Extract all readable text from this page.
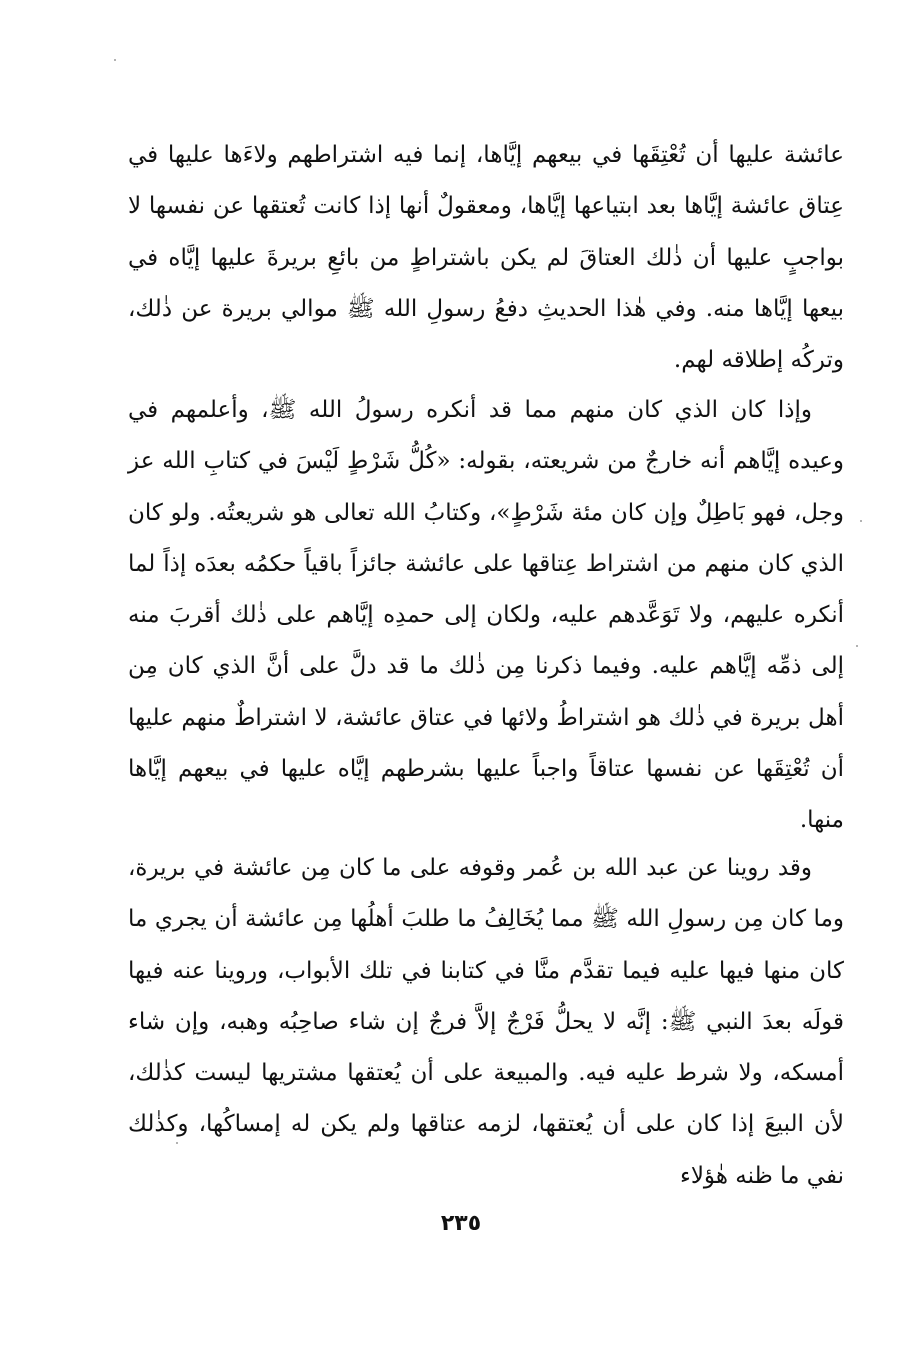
عائشة عليها أن تُعْتِقَها في بيعهم إيَّاها، إنما فيه اشتراطهم ولاءَها عليها في عِتاق عائشة إيَّاها بعد ابتياعها إيَّاها، ومعقولٌ أنها إذا كانت تُعتقها عن نفسها لا بواجبٍ عليها أن ذٰلك العتاقَ لم يكن باشتراطٍ من بائعِ بريرةَ عليها إيَّاه في بيعها إيَّاها منه. وفي هٰذا الحديثِ دفعُ رسولِ الله ﷺ موالي بريرة عن ذٰلك، وتركُه إطلاقه لهم.

وإذا كان الذي كان منهم مما قد أنكره رسولُ الله ﷺ، وأعلمهم في وعيده إيَّاهم أنه خارجٌ من شريعته، بقوله: «كُلُّ شَرْطٍ لَيْسَ في كتابِ الله عز وجل، فهو بَاطِلٌ وإن كان مئة شَرْطٍ»، وكتابُ الله تعالى هو شريعتُه. ولو كان الذي كان منهم من اشتراط عِتاقها على عائشة جائزاً باقياً حكمُه بعدَه إذاً لما أنكره عليهم، ولا تَوَعَّدهم عليه، ولكان إلى حمدِه إيَّاهم على ذٰلك أقربَ منه إلى ذمِّه إيَّاهم عليه. وفيما ذكرنا مِن ذٰلك ما قد دلَّ على أنَّ الذي كان مِن أهل بريرة في ذٰلك هو اشتراطُ ولائها في عتاق عائشة، لا اشتراطٌ منهم عليها أن تُعْتِقَها عن نفسها عتاقاً واجباً عليها بشرطهم إيَّاه عليها في بيعهم إيَّاها منها.

وقد روينا عن عبد الله بن عُمر وقوفه على ما كان مِن عائشة في بريرة، وما كان مِن رسولِ الله ﷺ مما يُخَالِفُ ما طلبَ أهلُها مِن عائشة أن يجري ما كان منها فيها عليه فيما تقدَّم منَّا في كتابنا في تلك الأبواب، وروينا عنه فيها قولَه بعدَ النبي ﷺ: إنَّه لا يحلُّ فَرْجٌ إلاَّ فرجٌ إن شاء صاحِبُه وهبه، وإن شاء أمسكه، ولا شرط عليه فيه. والمبيعة على أن يُعتقها مشتريها ليست كذٰلك، لأن البيعَ إذا كان على أن يُعتقها، لزمه عتاقها ولم يكن له إمساكُها، وكذٰلك نفي ما ظنه هٰؤلاء

٢٣٥
